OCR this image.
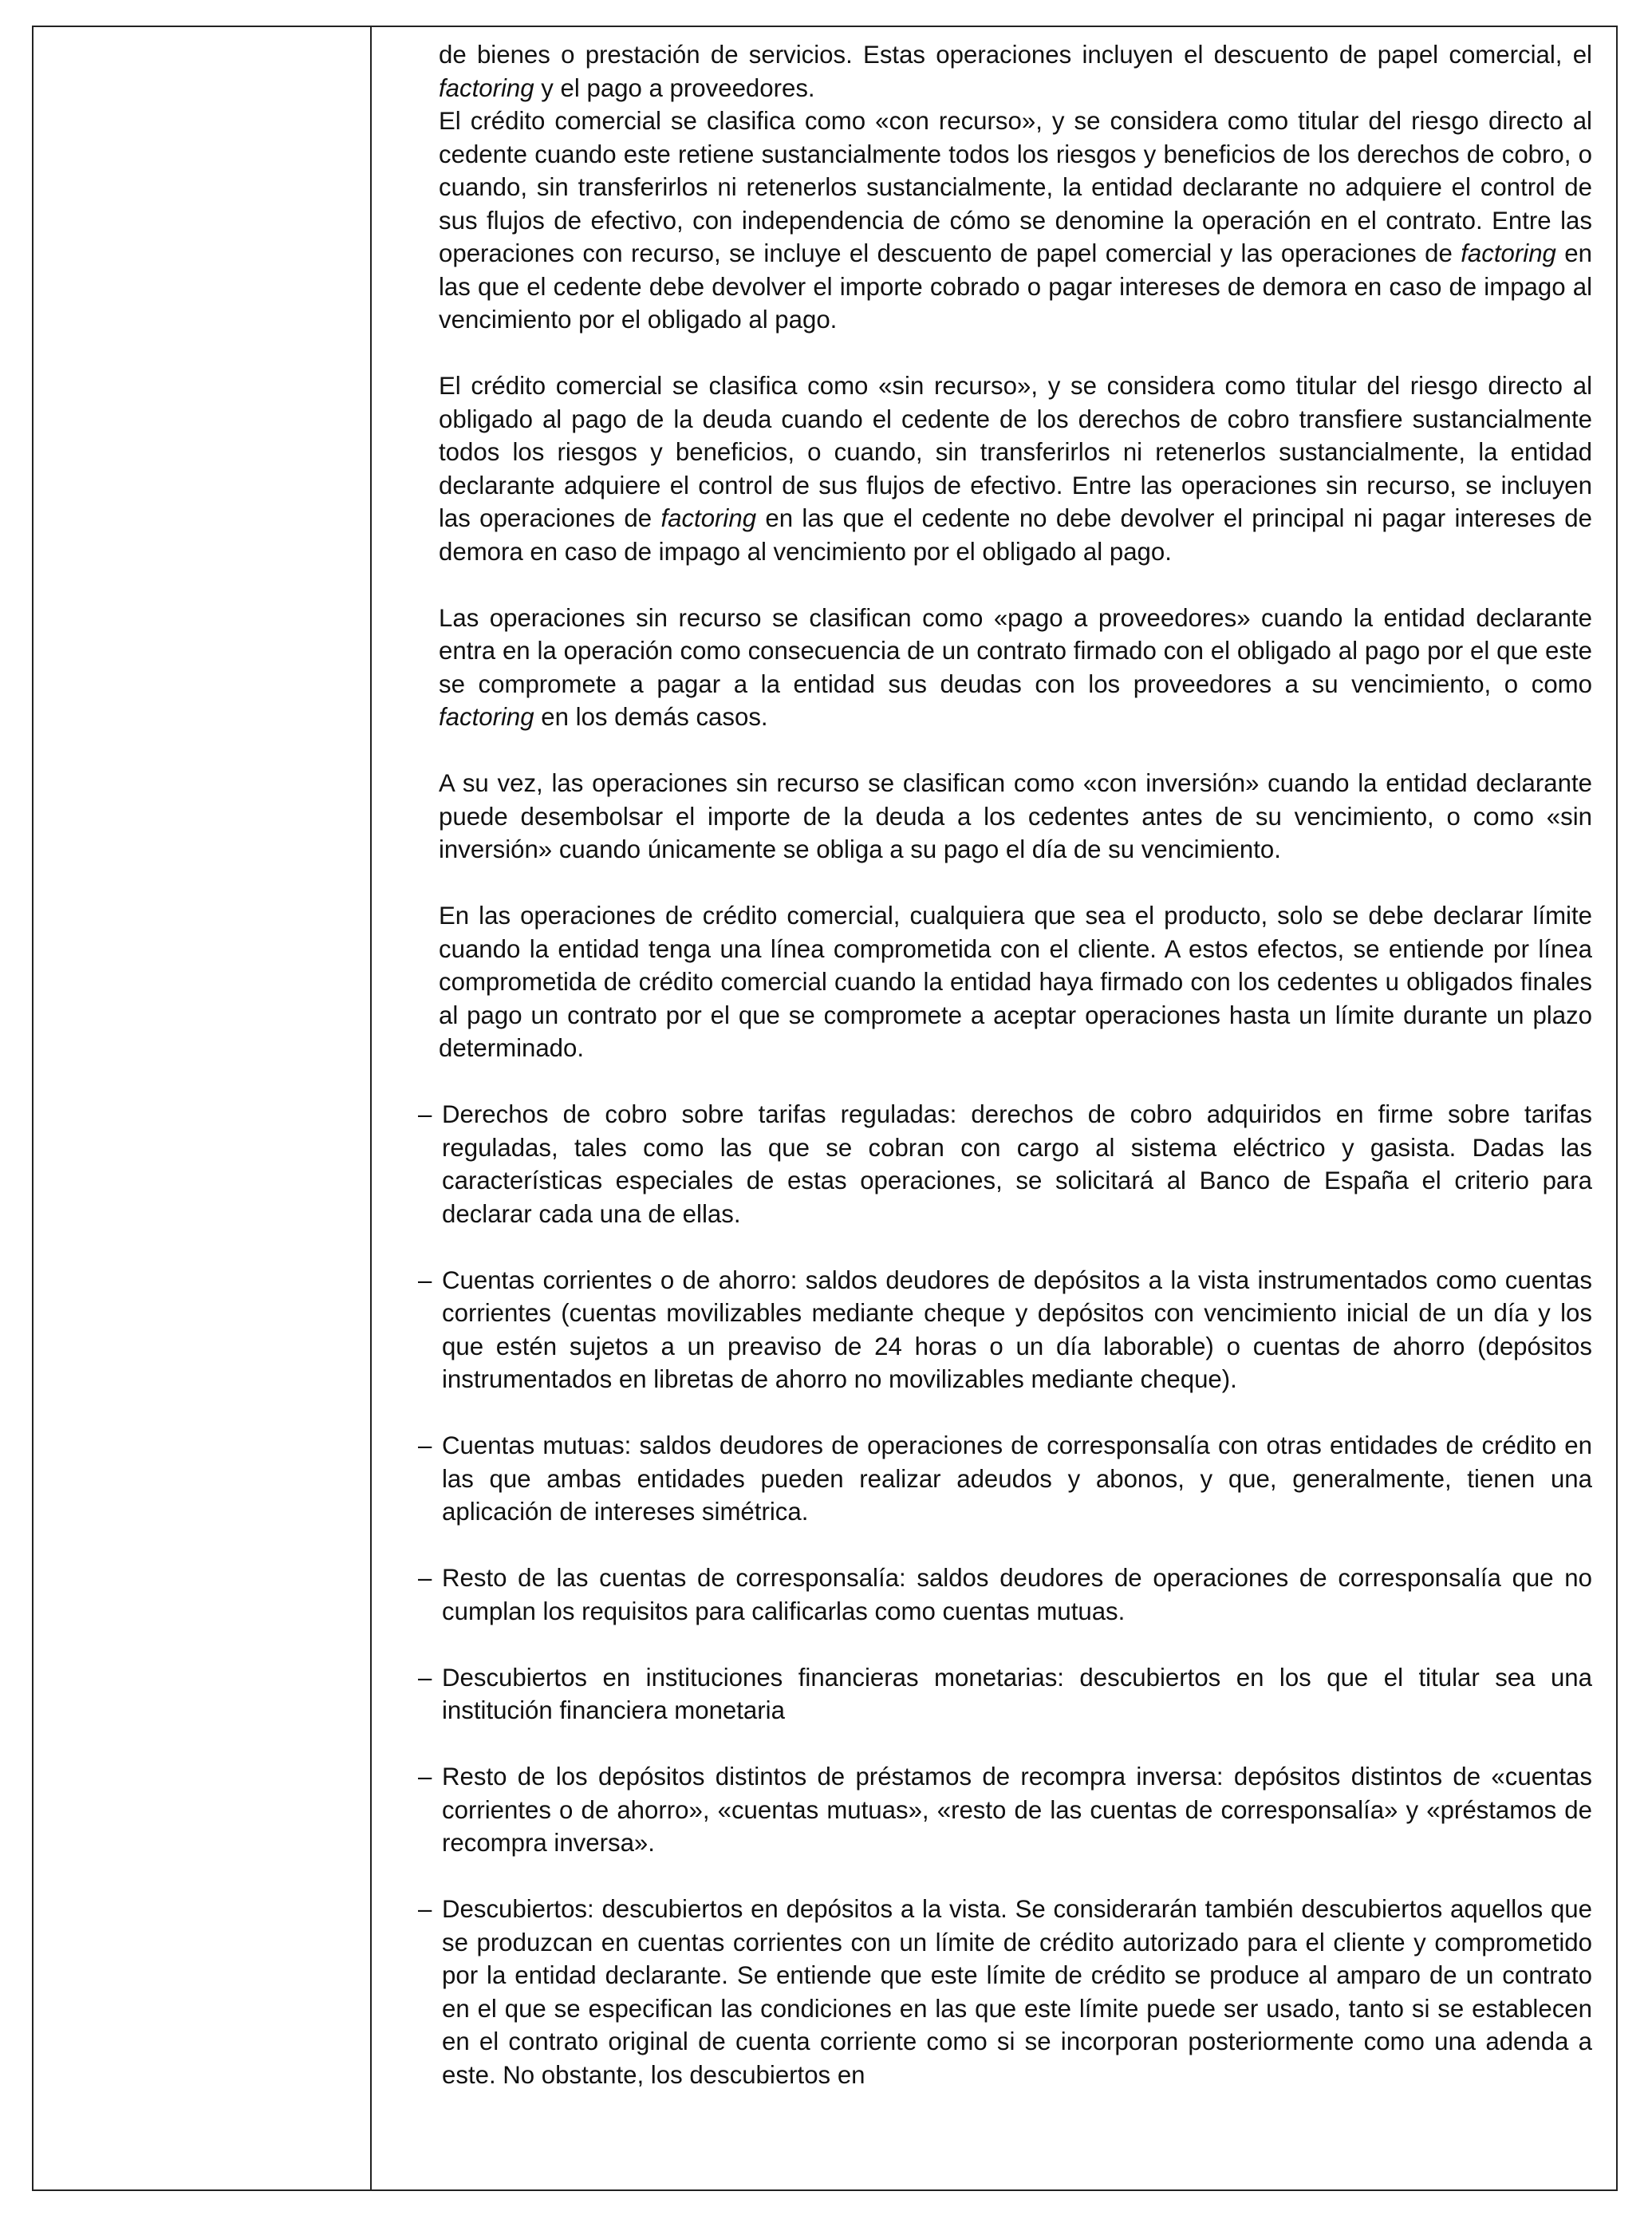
de bienes o prestación de servicios. Estas operaciones incluyen el descuento de papel comercial, el factoring y el pago a proveedores.

El crédito comercial se clasifica como «con recurso», y se considera como titular del riesgo directo al cedente cuando este retiene sustancialmente todos los riesgos y beneficios de los derechos de cobro, o cuando, sin transferirlos ni retenerlos sustancialmente, la entidad declarante no adquiere el control de sus flujos de efectivo, con independencia de cómo se denomine la operación en el contrato. Entre las operaciones con recurso, se incluye el descuento de papel comercial y las operaciones de factoring en las que el cedente debe devolver el importe cobrado o pagar intereses de demora en caso de impago al vencimiento por el obligado al pago.

El crédito comercial se clasifica como «sin recurso», y se considera como titular del riesgo directo al obligado al pago de la deuda cuando el cedente de los derechos de cobro transfiere sustancialmente todos los riesgos y beneficios, o cuando, sin transferirlos ni retenerlos sustancialmente, la entidad declarante adquiere el control de sus flujos de efectivo. Entre las operaciones sin recurso, se incluyen las operaciones de factoring en las que el cedente no debe devolver el principal ni pagar intereses de demora en caso de impago al vencimiento por el obligado al pago.

Las operaciones sin recurso se clasifican como «pago a proveedores» cuando la entidad declarante entra en la operación como consecuencia de un contrato firmado con el obligado al pago por el que este se compromete a pagar a la entidad sus deudas con los proveedores a su vencimiento, o como factoring en los demás casos.

A su vez, las operaciones sin recurso se clasifican como «con inversión» cuando la entidad declarante puede desembolsar el importe de la deuda a los cedentes antes de su vencimiento, o como «sin inversión» cuando únicamente se obliga a su pago el día de su vencimiento.

En las operaciones de crédito comercial, cualquiera que sea el producto, solo se debe declarar límite cuando la entidad tenga una línea comprometida con el cliente. A estos efectos, se entiende por línea comprometida de crédito comercial cuando la entidad haya firmado con los cedentes u obligados finales al pago un contrato por el que se compromete a aceptar operaciones hasta un límite durante un plazo determinado.

– Derechos de cobro sobre tarifas reguladas: derechos de cobro adquiridos en firme sobre tarifas reguladas, tales como las que se cobran con cargo al sistema eléctrico y gasista. Dadas las características especiales de estas operaciones, se solicitará al Banco de España el criterio para declarar cada una de ellas.

– Cuentas corrientes o de ahorro: saldos deudores de depósitos a la vista instrumentados como cuentas corrientes (cuentas movilizables mediante cheque y depósitos con vencimiento inicial de un día y los que estén sujetos a un preaviso de 24 horas o un día laborable) o cuentas de ahorro (depósitos instrumentados en libretas de ahorro no movilizables mediante cheque).

– Cuentas mutuas: saldos deudores de operaciones de corresponsalía con otras entidades de crédito en las que ambas entidades pueden realizar adeudos y abonos, y que, generalmente, tienen una aplicación de intereses simétrica.

– Resto de las cuentas de corresponsalía: saldos deudores de operaciones de corresponsalía que no cumplan los requisitos para calificarlas como cuentas mutuas.

– Descubiertos en instituciones financieras monetarias: descubiertos en los que el titular sea una institución financiera monetaria

– Resto de los depósitos distintos de préstamos de recompra inversa: depósitos distintos de «cuentas corrientes o de ahorro», «cuentas mutuas», «resto de las cuentas de corresponsalía» y «préstamos de recompra inversa».

– Descubiertos: descubiertos en depósitos a la vista. Se considerarán también descubiertos aquellos que se produzcan en cuentas corrientes con un límite de crédito autorizado para el cliente y comprometido por la entidad declarante. Se entiende que este límite de crédito se produce al amparo de un contrato en el que se especifican las condiciones en las que este límite puede ser usado, tanto si se establecen en el contrato original de cuenta corriente como si se incorporan posteriormente como una adenda a este. No obstante, los descubiertos en
